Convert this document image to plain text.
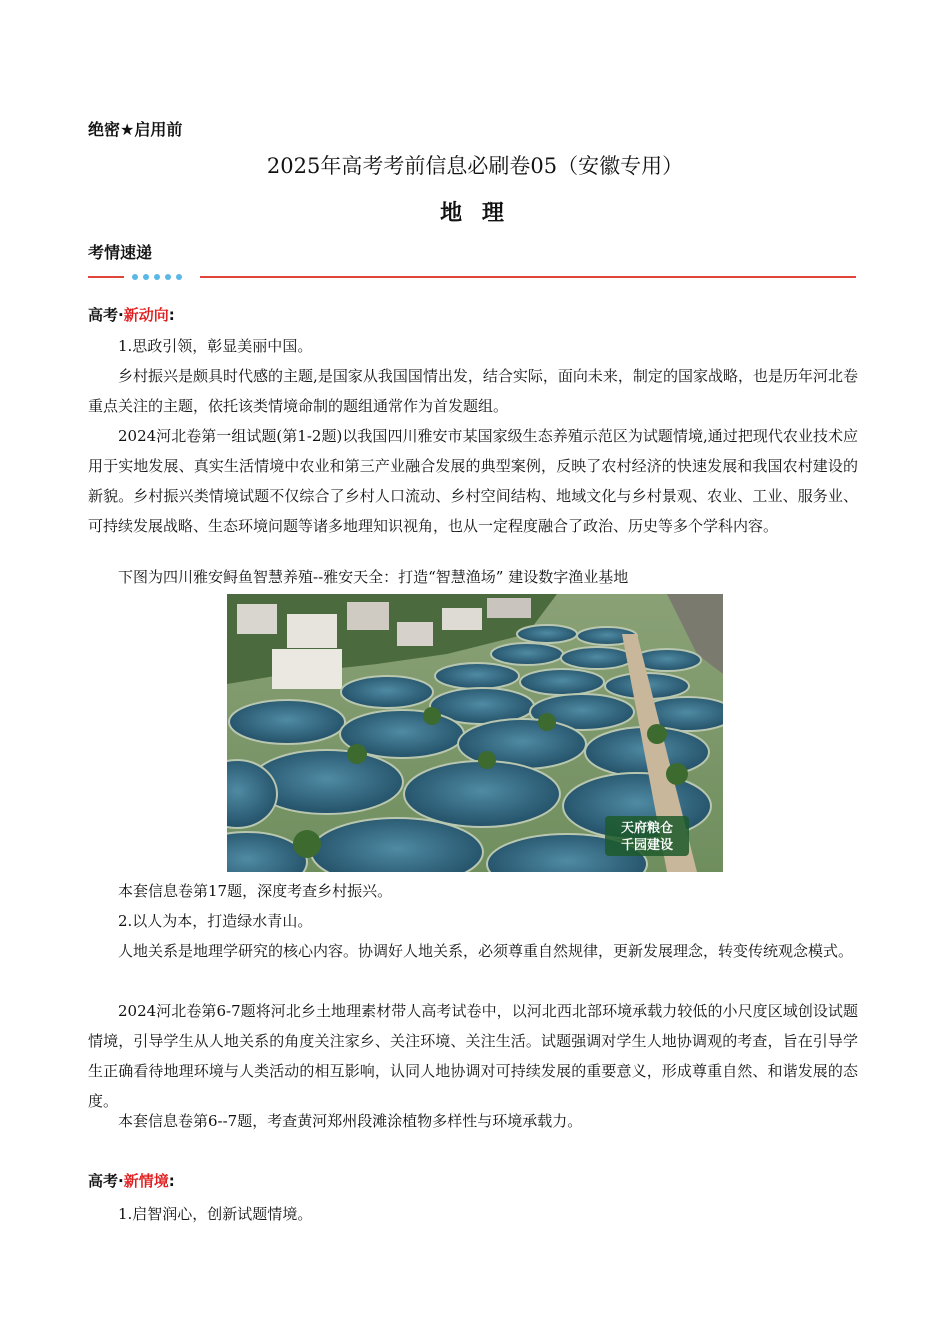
绝密★启用前
2025年高考考前信息必刷卷05（安徽专用）
地 理
考情速递
高考·新动向:
1.思政引领，彰显美丽中国。
乡村振兴是颇具时代感的主题,是国家从我国国情出发，结合实际，面向未来，制定的国家战略，也是历年河北卷重点关注的主题，依托该类情境命制的题组通常作为首发题组。
2024河北卷第一组试题(第1-2题)以我国四川雅安市某国家级生态养殖示范区为试题情境,通过把现代农业技术应用于实地发展、真实生活情境中农业和第三产业融合发展的典型案例，反映了农村经济的快速发展和我国农村建设的新貌。乡村振兴类情境试题不仅综合了乡村人口流动、乡村空间结构、地域文化与乡村景观、农业、工业、服务业、可持续发展战略、生态环境问题等诸多地理知识视角，也从一定程度融合了政治、历史等多个学科内容。
下图为四川雅安鲟鱼智慧养殖--雅安天全：打造“智慧渔场” 建设数字渔业基地
天府粮仓
千园建设
本套信息卷第17题，深度考查乡村振兴。
2.以人为本，打造绿水青山。
人地关系是地理学研究的核心内容。协调好人地关系，必须尊重自然规律，更新发展理念，转变传统观念模式。
2024河北卷第6-7题将河北乡土地理素材带人高考试卷中，以河北西北部环境承载力较低的小尺度区域创设试题情境，引导学生从人地关系的角度关注家乡、关注环境、关注生活。试题强调对学生人地协调观的考查，旨在引导学生正确看待地理环境与人类活动的相互影响，认同人地协调对可持续发展的重要意义，形成尊重自然、和谐发展的态度。
本套信息卷第6--7题，考查黄河郑州段滩涂植物多样性与环境承载力。
高考·新情境:
1.启智润心，创新试题情境。
